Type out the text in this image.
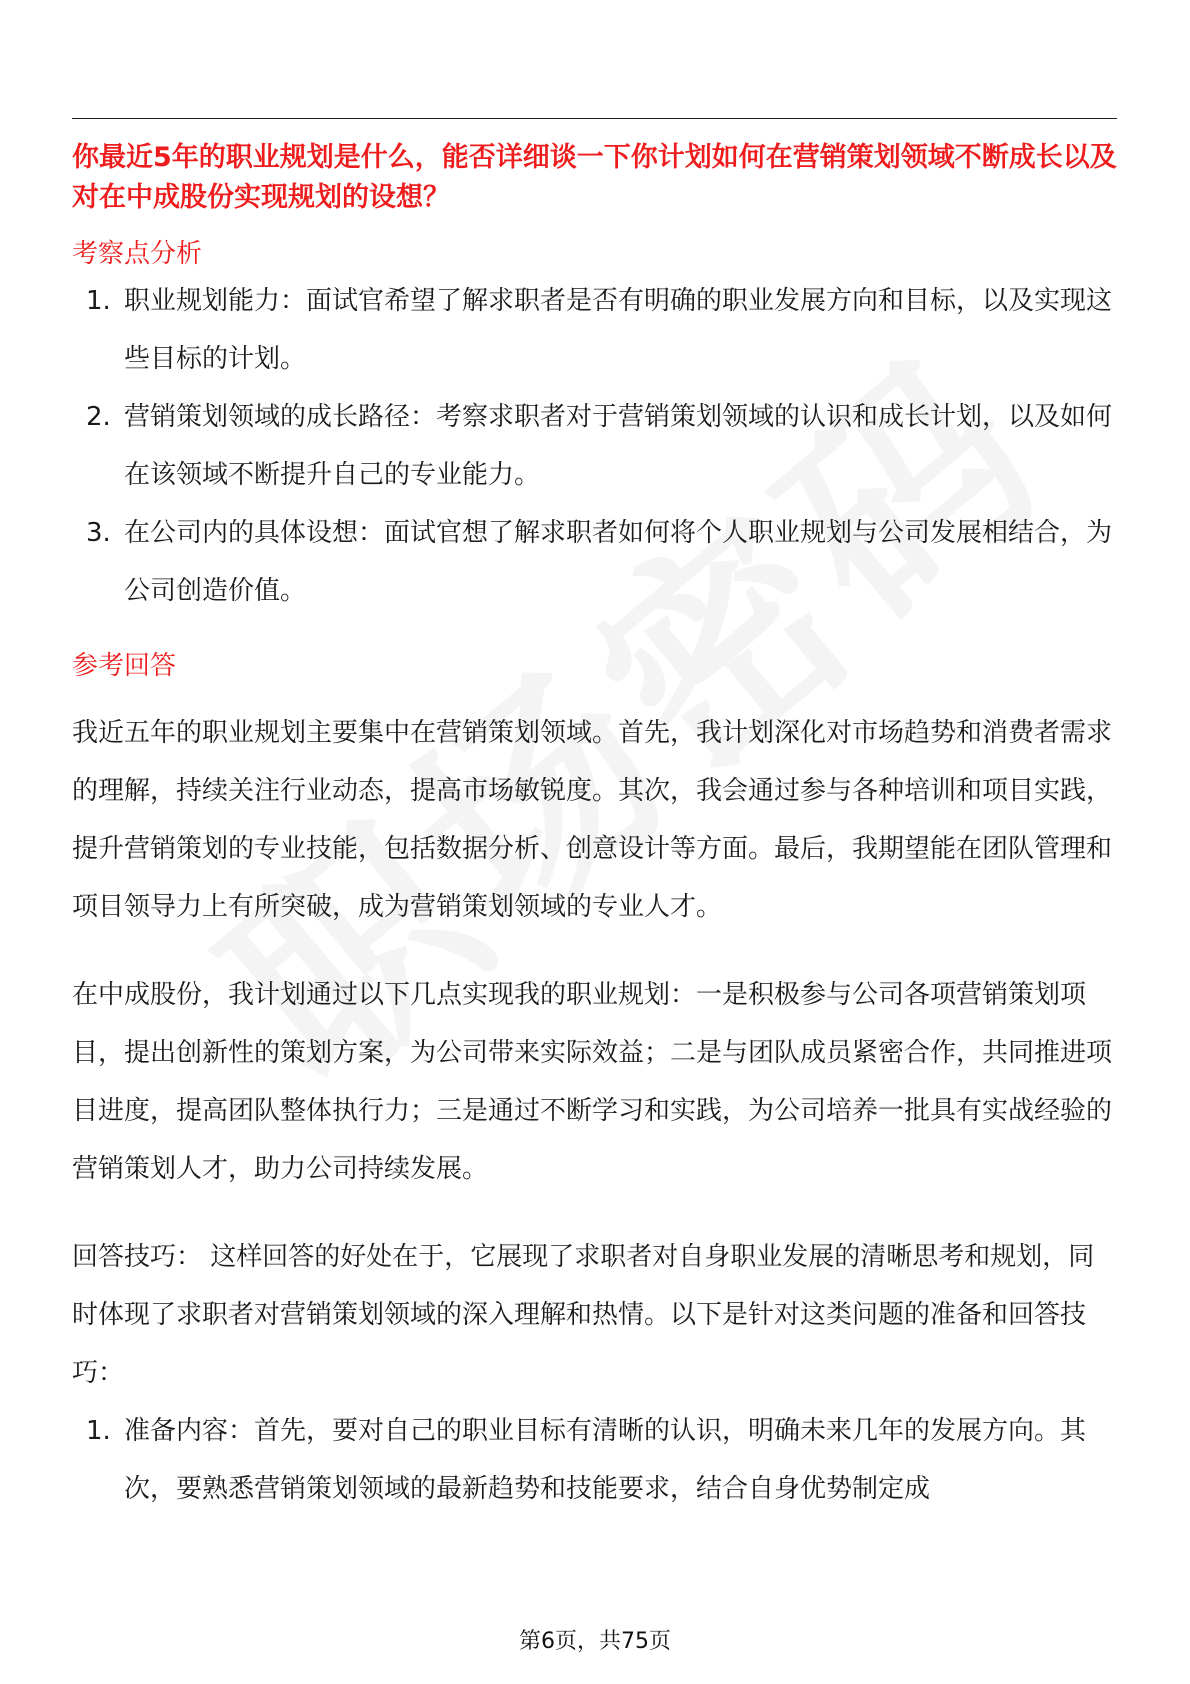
你最近5年的职业规划是什么，能否详细谈一下你计划如何在营销策划领域不断成长以及对在中成股份实现规划的设想？

考察点分析

1. 职业规划能力：面试官希望了解求职者是否有明确的职业发展方向和目标，以及实现这些目标的计划。
2. 营销策划领域的成长路径：考察求职者对于营销策划领域的认识和成长计划，以及如何在该领域不断提升自己的专业能力。
3. 在公司内的具体设想：面试官想了解求职者如何将个人职业规划与公司发展相结合，为公司创造价值。

参考回答

我近五年的职业规划主要集中在营销策划领域。首先，我计划深化对市场趋势和消费者需求的理解，持续关注行业动态，提高市场敏锐度。其次，我会通过参与各种培训和项目实践，提升营销策划的专业技能，包括数据分析、创意设计等方面。最后，我期望能在团队管理和项目领导力上有所突破，成为营销策划领域的专业人才。

在中成股份，我计划通过以下几点实现我的职业规划：一是积极参与公司各项营销策划项目，提出创新性的策划方案，为公司带来实际效益；二是与团队成员紧密合作，共同推进项目进度，提高团队整体执行力；三是通过不断学习和实践，为公司培养一批具有实战经验的营销策划人才，助力公司持续发展。

回答技巧： 这样回答的好处在于，它展现了求职者对自身职业发展的清晰思考和规划，同时体现了求职者对营销策划领域的深入理解和热情。以下是针对这类问题的准备和回答技巧：

1. 准备内容：首先，要对自己的职业目标有清晰的认识，明确未来几年的发展方向。其次，要熟悉营销策划领域的最新趋势和技能要求，结合自身优势制定成
第6页，共75页
